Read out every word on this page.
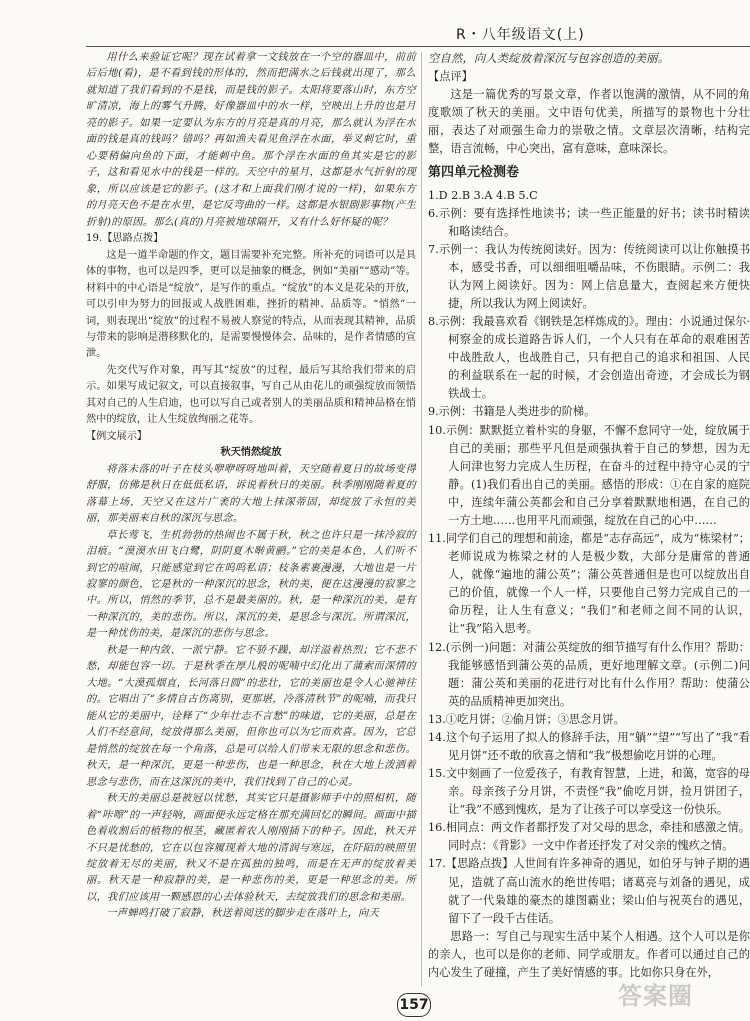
R・八年级语文(上)

用什么来验证它呢？现在试着拿一文钱放在一个空的器皿中，前前后后地(看)，是不看到钱的形体的，然而把满水之后钱就出现了，那么就知道了我们看到的不是钱，而是钱的影子。太阳将要落山时，东方空旷清凉，海上的雾气升腾，好像器皿中的水一样，空映出上升的也是月亮的影子。如果一定要认为东方的月亮是真的月亮，那么就认为浮在水面的钱是真的钱吗？错吗？再如渔夫看见鱼浮在水面，举叉刺它时，重心要稍偏向鱼的下面，才能刺中鱼。那个浮在水面的鱼其实是它的影子，这和看见水中的钱是一样的。天空中的星月，这都是水气折射的现象，所以应该是它的影子。(这才和上面我们刚才说的一样)，如果东方的月亮天色不是在水里，是它反弯曲的一样。这都是水银剧影事物(产生折射)的原因。那么(真的)月亮被地球隔开，又有什么好怀疑的呢？

19.【思路点拨】

这是一道半命题的作文，题目需要补充完整。所补充的词语可以是具体的事物，也可以是四季，更可以是抽象的概念，例如“美丽”“感动”等。材料中的中心语是“绽放”，是写作的重点。“绽放”的本义是花朵的开放，可以引申为努力的回报或人战胜困难，挫折的精神、品质等。“悄然”一词，则表现出“绽放”的过程不易被人察觉的特点，从而表现其精神，品质与带来的影响是潜移默化的，是需要慢慢体会、品味的，是作者情感的宣泄。

先交代写作对象，再写其“绽放”的过程，最后写其给我们带来的启示。如果写成记叙文，可以直接叙事，写自己从由花儿的顽强绽放而领悟其对自己的人生启迪，也可以写自己或者别人的美丽品质和精神品格在悄然中的绽放，让人生绽放绚丽之花等。

【例文展示】

秋天悄然绽放

将落未落的叶子在枝头咿咿呀呀地叫着，天空随着夏日的故场变得舒服，仿佛是秋日在低低私语，诉说着秋日的美丽。秋季刚刚随着夏的落幕上场，天空又在这片广袤的大地上抹深蒂固，却绽放了永恒的美丽，那美丽来自秋的深沉与思念。

草长莺飞，生机勃勃的热闹也不属于秋，秋之也许只是一抹冷寂的泪痕。“漠漠水田飞白鹭，阴阴夏木啭黄鹂。”它的美是本色，人们听不到它的喧闹，只能感觉到它在呜呜私语；枝条素裹漫漫，大地也是一片寂寥的颜色，它是秋的一种深沉的思念，秋的美，便在这漫漫的寂寥之中。所以，悄然的季节，总不是最美丽的。秋，是一种深沉的美，是有一种深沉的，美的悲伤。所以，深沉的美，是思念与深沉。所谓深沉，是一种忧伤的美，是深沉的悲伤与思念。

秋是一种内敛、一派宁静。它不骄不躁，却洋溢着热烈；它不悲不愁，却能包容一切。于是秋季在厚儿般的呢喃中幻化出了蒲索而深情的大地。“大漠孤烟直，长河落日圆”的悲壮，它的美丽也是令人心驰神往的。它唱出了“多情自古伤离别，更那堪，冷落清秋节”的呢喃，而我只能从它的美丽中，诠释了“少年壮志不言愁”的味道，它的美丽，总是在人们不经意间，绽放得那么美丽，但你也可以为它而欢喜。因为，它总是悄然的绽放在每一个角落，总是可以给人们带来无限的思念和悲伤。秋天，是一种深沉，更是一种悲伤，也是一种思念，秋在大地上泼洒着思念与悲伤，而在这深沉的美中，我们找到了自己的心灵。

秋天的美丽总是被冠以忧愁，其实它只是摄影师手中的照相机，随着“咔嚓”的一声轻响，画面便永远定格在那充满回忆的瞬间。画面中描色着收割后的植物的根茎，藏匿着农人刚刚插下的种子。因此，秋天并不只是忧愁的，它在以包容履现着大地的清润与寒远，在阡陌的映照里绽放着无尽的美丽，秋又不是在孤独的独鸣，而是在无声的绽放着美丽。秋天是一种寂静的美，是一种悲伤的美，更是一种思念的美。所以，我们应该用一颗感恩的心去体验秋天，去绽放我们的思念和美丽。

一声蝉鸣打破了寂静，秋送着阅送的脚步走在落叶上，向天

空自然，向人类绽放着深沉与包容创造的美丽。

【点评】

这是一篇优秀的写景文章，作者以饱满的激情，从不同的角度歌颂了秋天的美丽。文中语句优美，所描写的景物也十分壮丽，表达了对顽强生命力的崇敬之情。文章层次清晰，结构完整，语言流畅，中心突出，富有意味，意味深长。

第四单元检测卷

1.D 2.B 3.A 4.B 5.C

6.示例：要有选择性地读书；读一些正能量的好书；读书时精读和略读结合。

7.示例一：我认为传统阅读好。因为：传统阅读可以让你触摸书本，感受书香，可以细细咀嚼品味，不伤眼睛。示例二：我认为网上阅读好。因为：网上信息量大，查阅起来方便快捷，所以我认为网上阅读好。

8.示例：我最喜欢看《钢铁是怎样炼成的》。理由：小说通过保尔·柯察金的成长道路告诉人们，一个人只有在革命的艰难困苦中战胜敌人，也战胜自己，只有把自己的追求和祖国、人民的利益联系在一起的时候，才会创造出奇迹，才会成长为钢铁战士。

9.示例：书籍是人类进步的阶梯。

10.示例：默默挺立着朴实的身躯，不懈不怠同守一处，绽放属于自己的美丽；那些平凡但是顽强执着于自己的梦想，因为无人问津也努力完成人生历程，在奋斗的过程中持守心灵的宁静。(1)我们看出自己的美丽。感悟的形成：①在自家的庭院中，连续年蒲公英都会和自己分享着默默地相遇，在自己的一方土地……也用平凡而顽强，绽放在自己的心中……

11.同学们自己的理想和前途，都是“志存高远”，成为“栋梁材”；老师说成为栋梁之材的人是极少数，大部分是庸常的普通人，就像“遍地的蒲公英”；蒲公英普通但是也可以绽放出自己的价值，就像一个人一样，只要他自己努力完成自己的一命历程，让人生有意义；“我们”和老师之间不同的认识，让“我”陷入思考。

12.(示例一)问题：对蒲公英绽放的细节描写有什么作用？帮助：我能够感悟到蒲公英的品质，更好地理解文章。(示例二)问题：蒲公英和美丽的花进行对比有什么作用？帮助：使蒲公英的品质精神更加突出。

13.①吃月饼；②偷月饼；③思念月饼。

14.这个句子运用了拟人的修辞手法，用“躺”“望”“写出了”我“看见月饼”还不敢的欣喜之情和“我”极想偷吃月饼的心理。

15.文中刻画了一位爱孩子，有教育智慧，上进，和蔼，宽容的母亲。母亲孩子分月饼，不责怪“我”偷吃月饼，捡月饼团子，让“我”不感到愧疚，是为了让孩子可以享受这一份快乐。

16.相同点：两文作者都抒发了对父母的思念，牵挂和感激之情。同时点：《背影》一文中作者还抒发了对父亲的愧疚之情。

17.【思路点拨】人世间有许多神奇的遇见，如伯牙与钟子期的遇见，造就了高山流水的绝世传唱；诸葛亮与刘备的遇见，成就了一代枭雄的豪杰的雄图霸业；梁山伯与祝英台的遇见，留下了一段千古佳话。

思路一：写自己与现实生活中某个人相遇。这个人可以是你的亲人，也可以是你的老师、同学或朋友。作者可以通过自己的内心发生了碰撞，产生了美好情感的事。比如你只身在外，

157	答案圈
